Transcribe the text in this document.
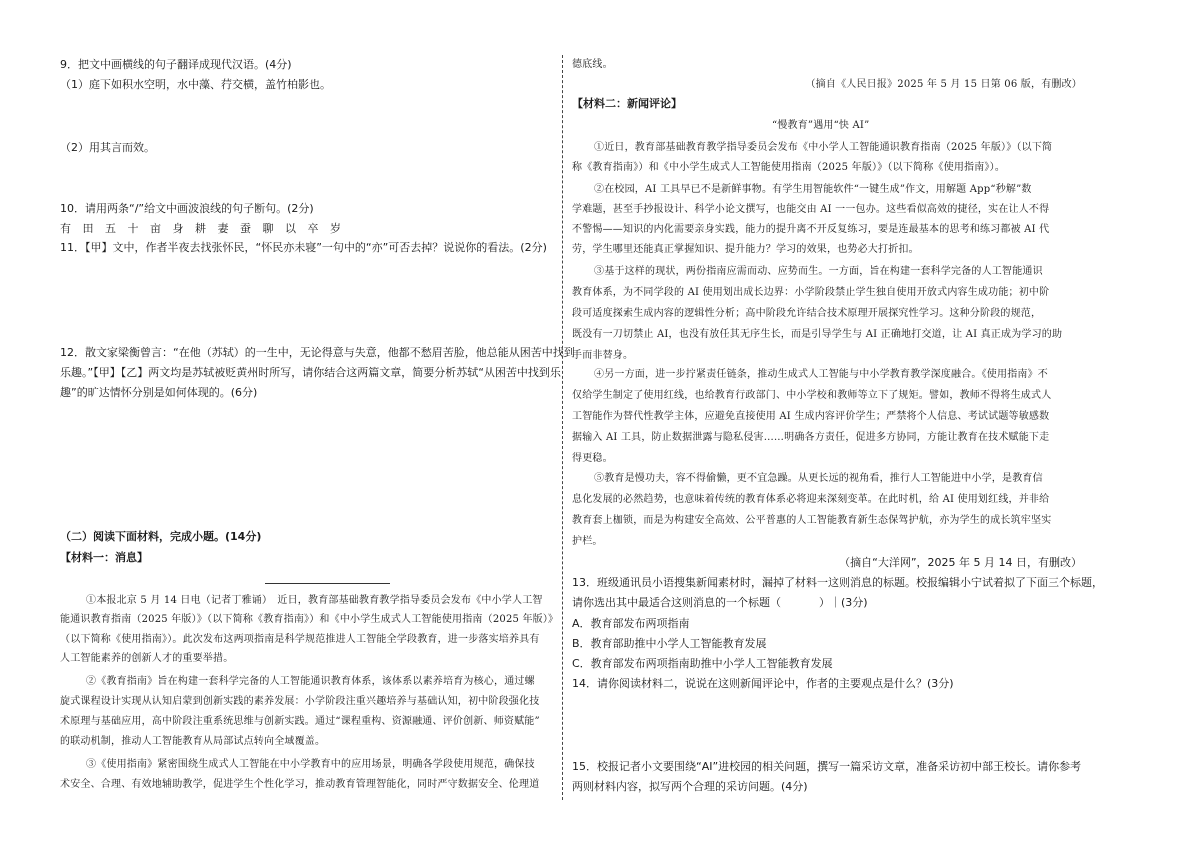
9．把文中画横线的句子翻译成现代汉语。(4分)
（1）庭下如积水空明，水中藻、荇交横，盖竹柏影也。
（2）用其言而效。
10．请用两条“/”给文中画波浪线的句子断句。(2分)
有 田 五 十 亩 身 耕 妻 蚕 聊 以 卒 岁
11．【甲】文中，作者半夜去找张怀民，“怀民亦未寝”一句中的“亦”可否去掉？说说你的看法。(2分)
12．散文家梁衡曾言：“在他（苏轼）的一生中，无论得意与失意，他都不愁眉苦脸，他总能从困苦中找到
乐趣。”【甲】【乙】两文均是苏轼被贬黄州时所写，请你结合这两篇文章，简要分析苏轼“从困苦中找到乐
趣”的旷达情怀分别是如何体现的。(6分)
（二）阅读下面材料，完成小题。(14分)
【材料一：消息】
①本报北京 5 月 14 日电（记者丁雅诵）　近日，教育部基础教育教学指导委员会发布《中小学人工智
能通识教育指南（2025 年版）》（以下简称《教育指南》）和《中小学生成式人工智能使用指南（2025 年版）》
（以下简称《使用指南》）。此次发布这两项指南是科学规范推进人工智能全学段教育，进一步落实培养具有
人工智能素养的创新人才的重要举措。
②《教育指南》旨在构建一套科学完备的人工智能通识教育体系，该体系以素养培育为核心，通过螺
旋式课程设计实现从认知启蒙到创新实践的素养发展：小学阶段注重兴趣培养与基础认知，初中阶段强化技
术原理与基础应用，高中阶段注重系统思维与创新实践。通过“课程重构、资源融通、评价创新、师资赋能”
的联动机制，推动人工智能教育从局部试点转向全域覆盖。
③《使用指南》紧密围绕生成式人工智能在中小学教育中的应用场景，明确各学段使用规范，确保技
术安全、合理、有效地辅助教学，促进学生个性化学习，推动教育管理智能化，同时严守数据安全、伦理道
德底线。
（摘自《人民日报》2025 年 5 月 15 日第 06 版，有删改）
【材料二：新闻评论】
“慢教育”遇用“快 AI”
①近日，教育部基础教育教学指导委员会发布《中小学人工智能通识教育指南（2025 年版）》（以下简
称《教育指南》）和《中小学生成式人工智能使用指南（2025 年版）》（以下简称《使用指南》）。
②在校园，AI 工具早已不是新鲜事物。有学生用智能软件“一键生成”作文，用解题 App“秒解”数
学难题，甚至手抄报设计、科学小论文撰写，也能交由 AI 一一包办。这些看似高效的捷径，实在让人不得
不警惕——知识的内化需要亲身实践，能力的提升离不开反复练习，要是连最基本的思考和练习都被 AI 代
劳，学生哪里还能真正掌握知识、提升能力？学习的效果，也势必大打折扣。
③基于这样的现状，两份指南应需而动、应势而生。一方面，旨在构建一套科学完备的人工智能通识
教育体系，为不同学段的 AI 使用划出成长边界：小学阶段禁止学生独自使用开放式内容生成功能；初中阶
段可适度探索生成内容的逻辑性分析；高中阶段允许结合技术原理开展探究性学习。这种分阶段的规范，
既没有一刀切禁止 AI，也没有放任其无序生长，而是引导学生与 AI 正确地打交道，让 AI 真正成为学习的助
手而非替身。
④另一方面，进一步拧紧责任链条，推动生成式人工智能与中小学教育教学深度融合。《使用指南》不
仅给学生制定了使用红线，也给教育行政部门、中小学校和教师等立下了规矩。譬如，教师不得将生成式人
工智能作为替代性教学主体，应避免直接使用 AI 生成内容评价学生；严禁将个人信息、考试试题等敏感数
据输入 AI 工具，防止数据泄露与隐私侵害……明确各方责任，促进多方协同，方能让教育在技术赋能下走
得更稳。
⑤教育是慢功夫，容不得偷懒，更不宜急躁。从更长远的视角看，推行人工智能进中小学，是教育信
息化发展的必然趋势，也意味着传统的教育体系必将迎来深刻变革。在此时机，给 AI 使用划红线，并非给
教育套上枷锁，而是为构建安全高效、公平普惠的人工智能教育新生态保驾护航，亦为学生的成长筑牢坚实
护栏。
（摘自“大洋网”，2025 年 5 月 14 日，有删改）
13．班级通讯员小语搜集新闻素材时，漏掉了材料一这则消息的标题。校报编辑小宁试着拟了下面三个标题，
请你选出其中最适合这则消息的一个标题（	）｜(3分)
A．教育部发布两项指南
B．教育部助推中小学人工智能教育发展
C．教育部发布两项指南助推中小学人工智能教育发展
14．请你阅读材料二，说说在这则新闻评论中，作者的主要观点是什么？(3分)
15．校报记者小文要围绕“AI”进校园的相关问题，撰写一篇采访文章，准备采访初中部王校长。请你参考
两则材料内容，拟写两个合理的采访问题。(4分)
